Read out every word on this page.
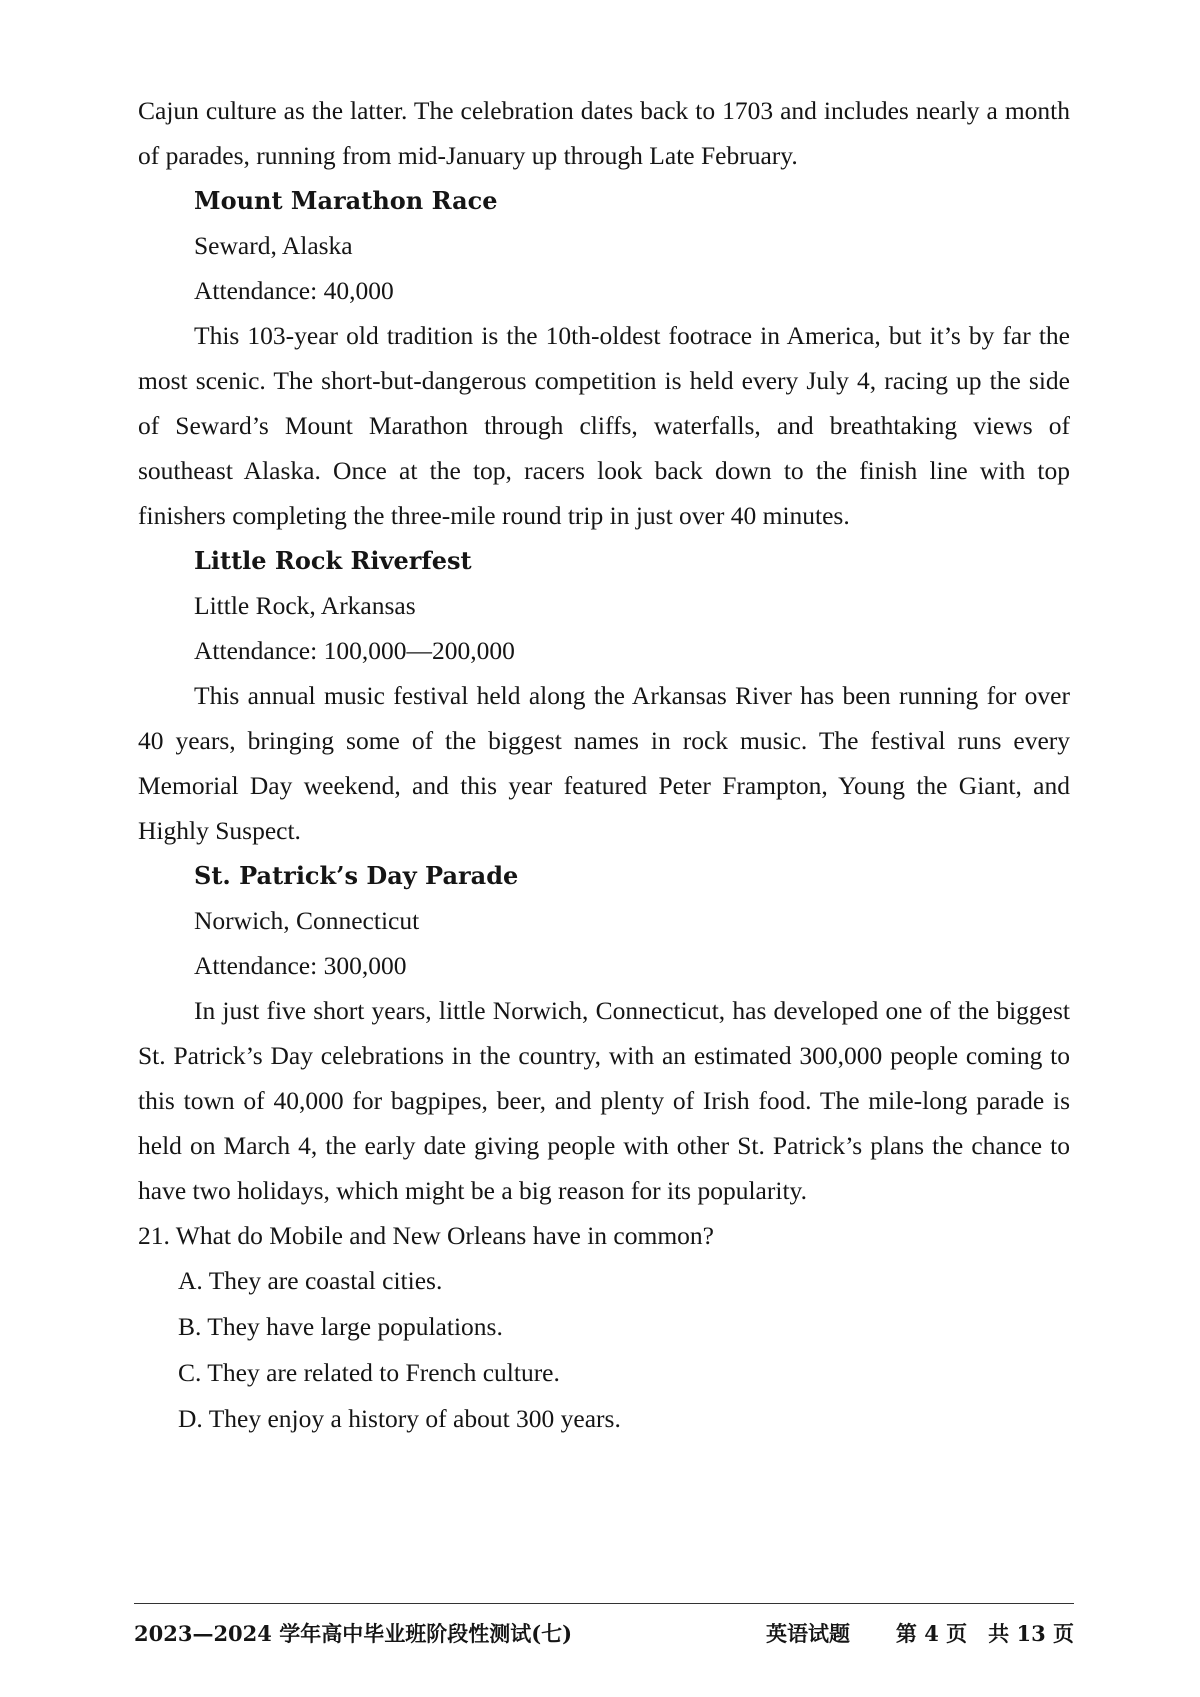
Cajun culture as the latter. The celebration dates back to 1703 and includes nearly a month of parades, running from mid-January up through Late February.

Mount Marathon Race

Seward, Alaska

Attendance: 40,000

This 103-year old tradition is the 10th-oldest footrace in America, but it’s by far the most scenic. The short-but-dangerous competition is held every July 4, racing up the side of Seward’s Mount Marathon through cliffs, waterfalls, and breathtaking views of southeast Alaska. Once at the top, racers look back down to the finish line with top finishers completing the three-mile round trip in just over 40 minutes.

Little Rock Riverfest

Little Rock, Arkansas

Attendance: 100,000—200,000

This annual music festival held along the Arkansas River has been running for over 40 years, bringing some of the biggest names in rock music. The festival runs every Memorial Day weekend, and this year featured Peter Frampton, Young the Giant, and Highly Suspect.

St. Patrick’s Day Parade

Norwich, Connecticut

Attendance: 300,000

In just five short years, little Norwich, Connecticut, has developed one of the biggest St. Patrick’s Day celebrations in the country, with an estimated 300,000 people coming to this town of 40,000 for bagpipes, beer, and plenty of Irish food. The mile-long parade is held on March 4, the early date giving people with other St. Patrick’s plans the chance to have two holidays, which might be a big reason for its popularity.

21. What do Mobile and New Orleans have in common?

A. They are coastal cities.

B. They have large populations.

C. They are related to French culture.

D. They enjoy a history of about 300 years.

2023—2024 学年高中毕业班阶段性测试(七)	英语试题 第 4 页　共 13 页
